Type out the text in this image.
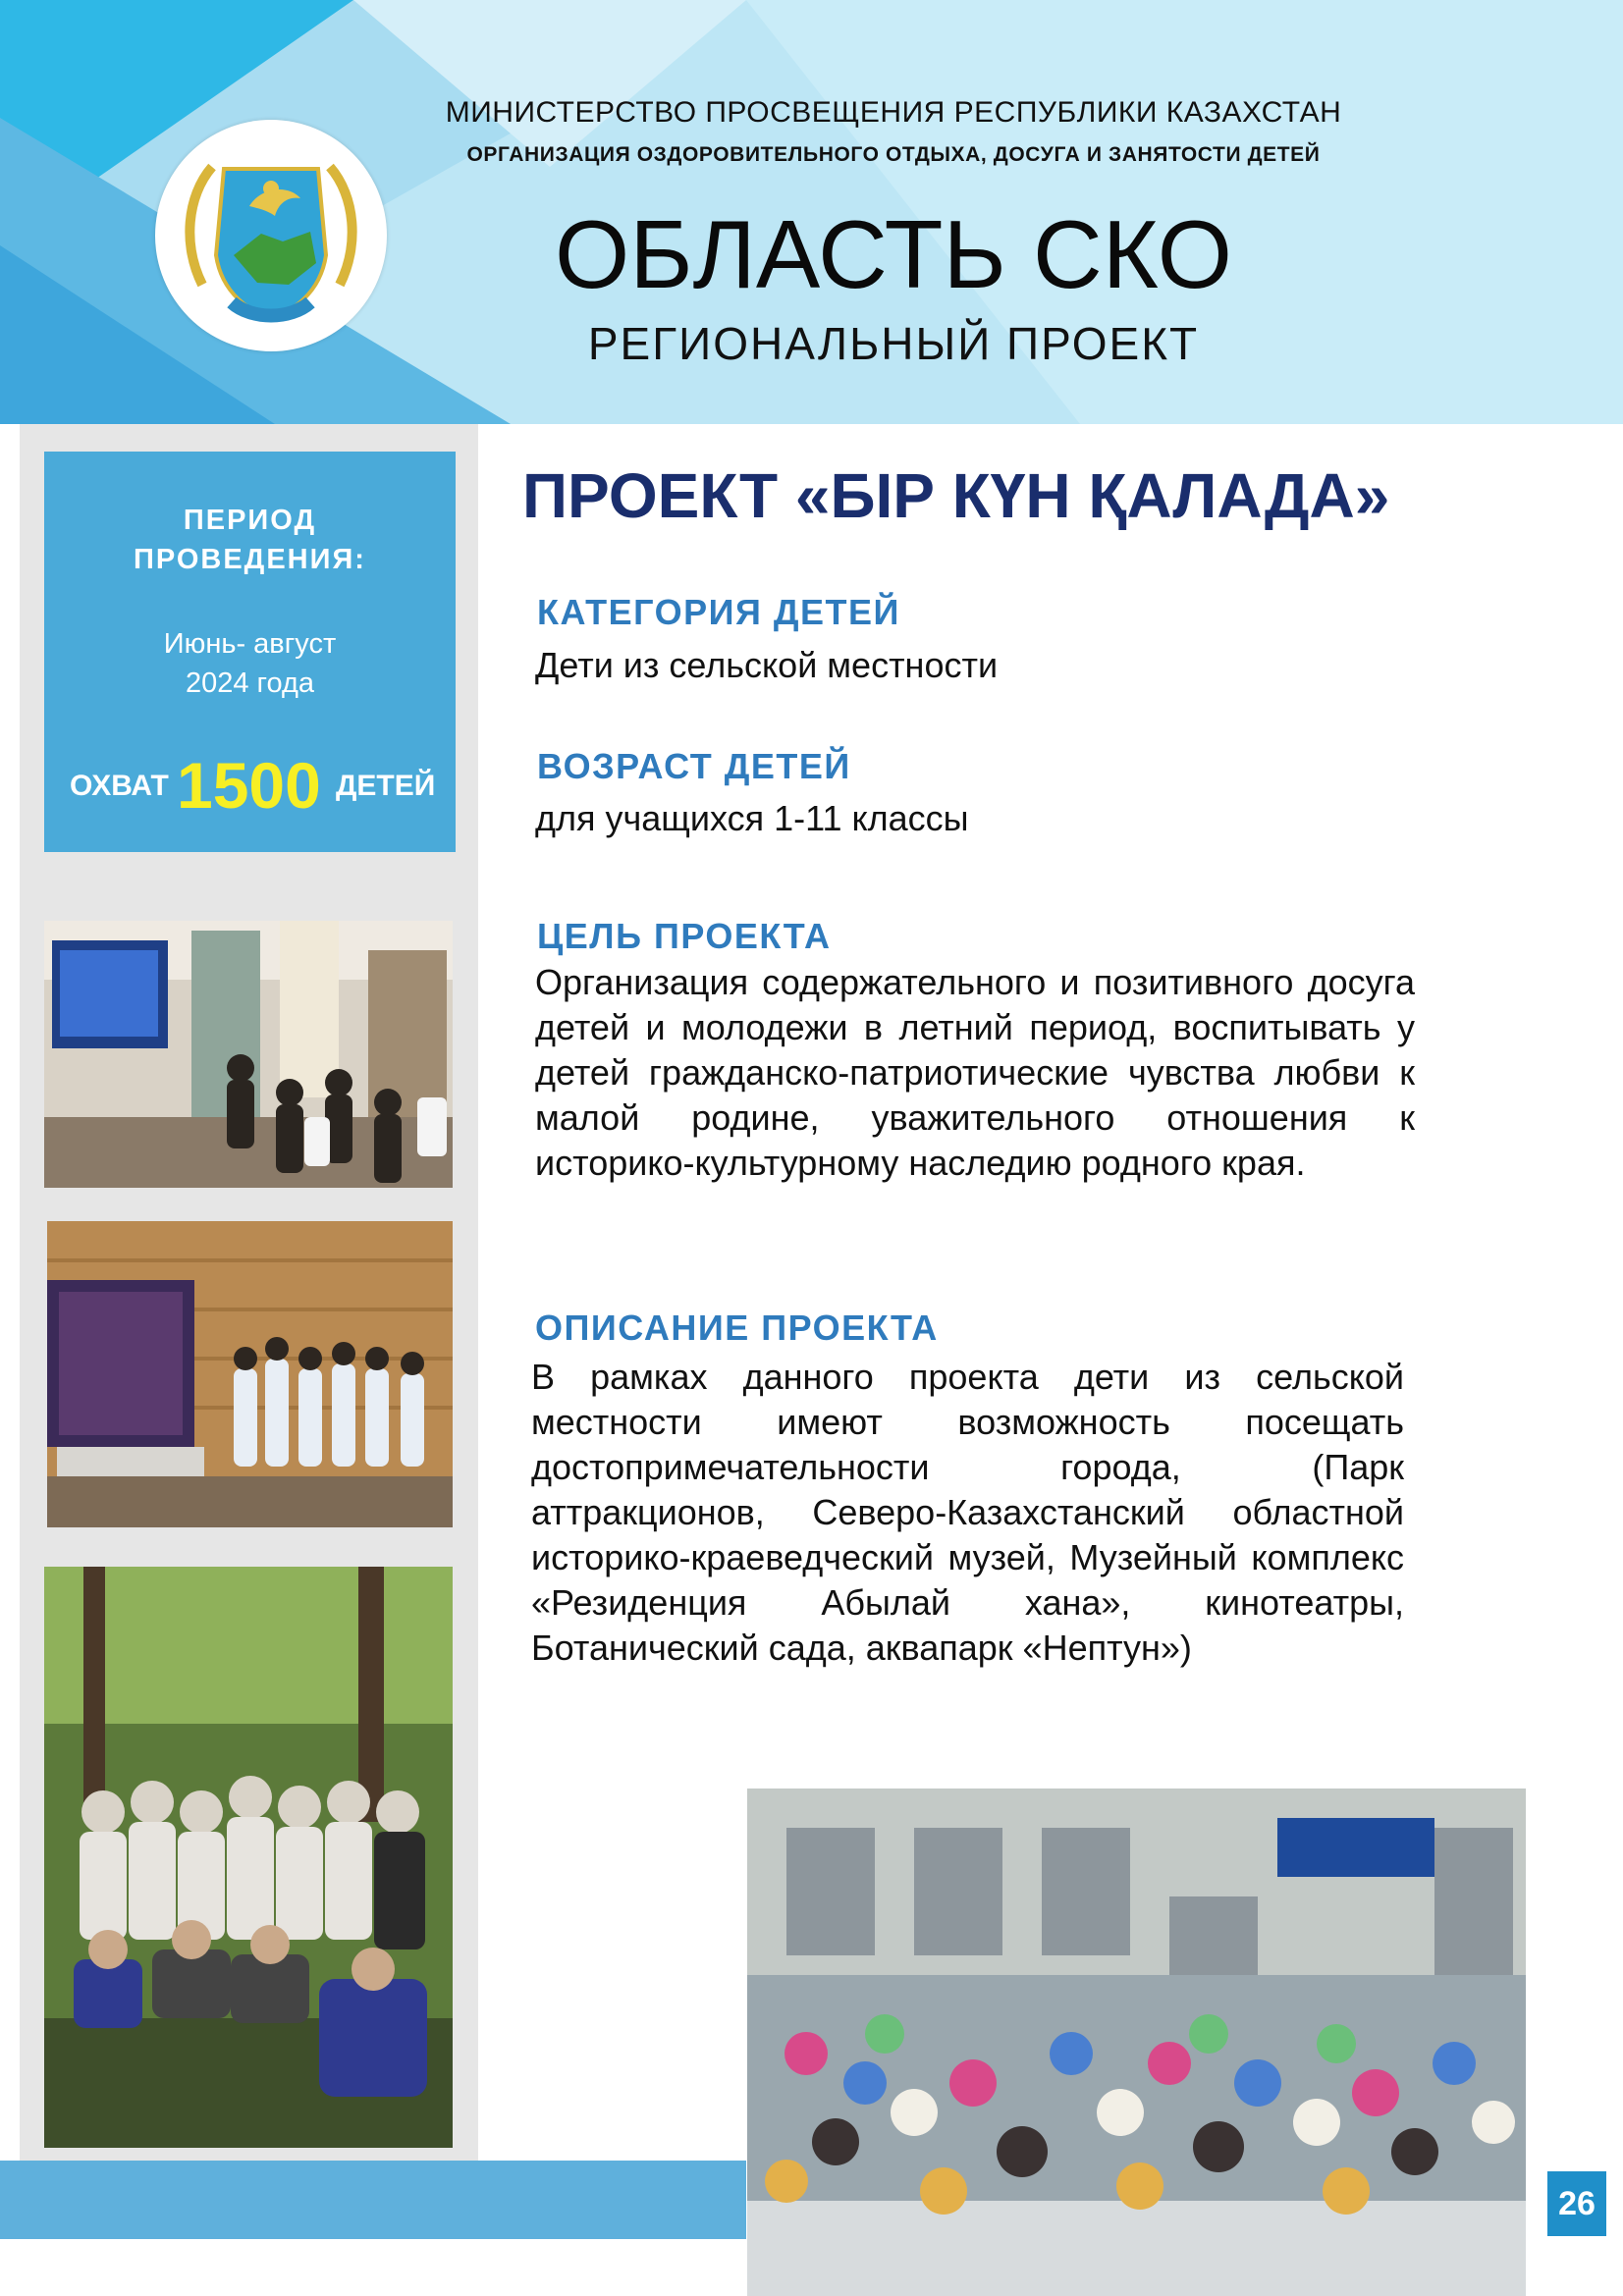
МИНИСТЕРСТВО ПРОСВЕЩЕНИЯ РЕСПУБЛИКИ КАЗАХСТАН
ОРГАНИЗАЦИЯ ОЗДОРОВИТЕЛЬНОГО ОТДЫХА, ДОСУГА И ЗАНЯТОСТИ ДЕТЕЙ
ОБЛАСТЬ СКО
РЕГИОНАЛЬНЫЙ ПРОЕКТ
ПЕРИОД
ПРОВЕДЕНИЯ:
Июнь- август
2024 года
ОХВАТ 1500 ДЕТЕЙ
ПРОЕКТ «БІР КҮН ҚАЛАДА»
КАТЕГОРИЯ ДЕТЕЙ
Дети из сельской местности
ВОЗРАСТ ДЕТЕЙ
для учащихся 1-11 классы
ЦЕЛЬ ПРОЕКТА
Организация содержательного и позитивного досуга детей и молодежи в летний период, воспитывать у детей гражданско-патриотические чувства любви к малой родине, уважительного отношения к историко-культурному наследию родного края.
ОПИСАНИЕ ПРОЕКТА
В рамках данного проекта дети из сельской местности имеют возможность посещать достопримечательности города, (Парк аттракционов, Северо-Казахстанский областной историко-краеведческий музей, Музейный комплекс «Резиденция Абылай хана», кинотеатры, Ботанический сада, аквапарк «Нептун»)
26
